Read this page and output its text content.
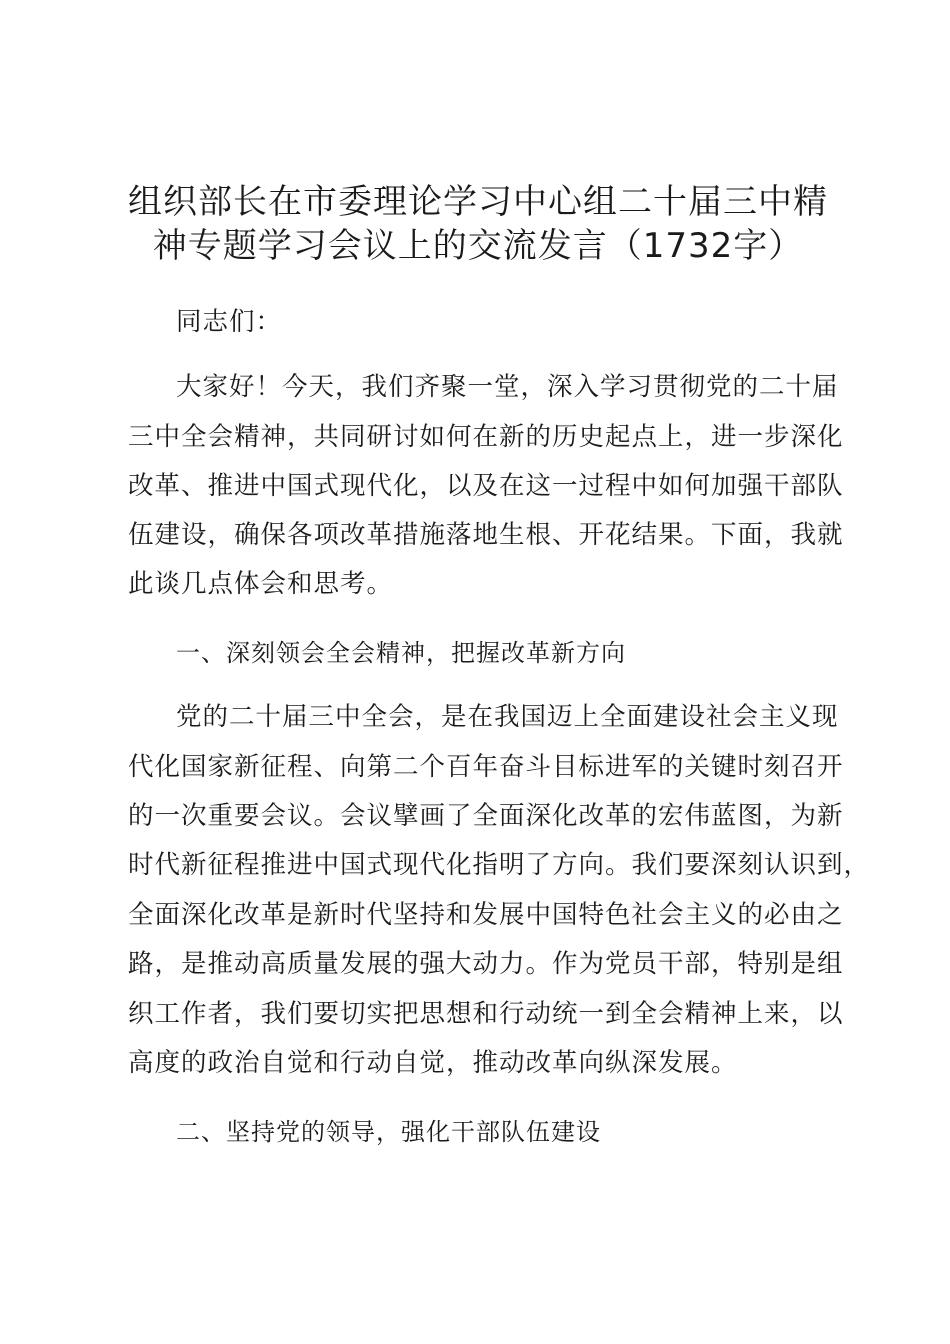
组织部长在市委理论学习中心组二十届三中精
神专题学习会议上的交流发言（1732字）

同志们：

大家好！今天，我们齐聚一堂，深入学习贯彻党的二十届

三中全会精神，共同研讨如何在新的历史起点上，进一步深化

改革、推进中国式现代化，以及在这一过程中如何加强干部队

伍建设，确保各项改革措施落地生根、开花结果。下面，我就

此谈几点体会和思考。

一、深刻领会全会精神，把握改革新方向

党的二十届三中全会，是在我国迈上全面建设社会主义现

代化国家新征程、向第二个百年奋斗目标进军的关键时刻召开

的一次重要会议。会议擘画了全面深化改革的宏伟蓝图，为新

时代新征程推进中国式现代化指明了方向。我们要深刻认识到，

全面深化改革是新时代坚持和发展中国特色社会主义的必由之

路，是推动高质量发展的强大动力。作为党员干部，特别是组

织工作者，我们要切实把思想和行动统一到全会精神上来，以

高度的政治自觉和行动自觉，推动改革向纵深发展。

二、坚持党的领导，强化干部队伍建设
